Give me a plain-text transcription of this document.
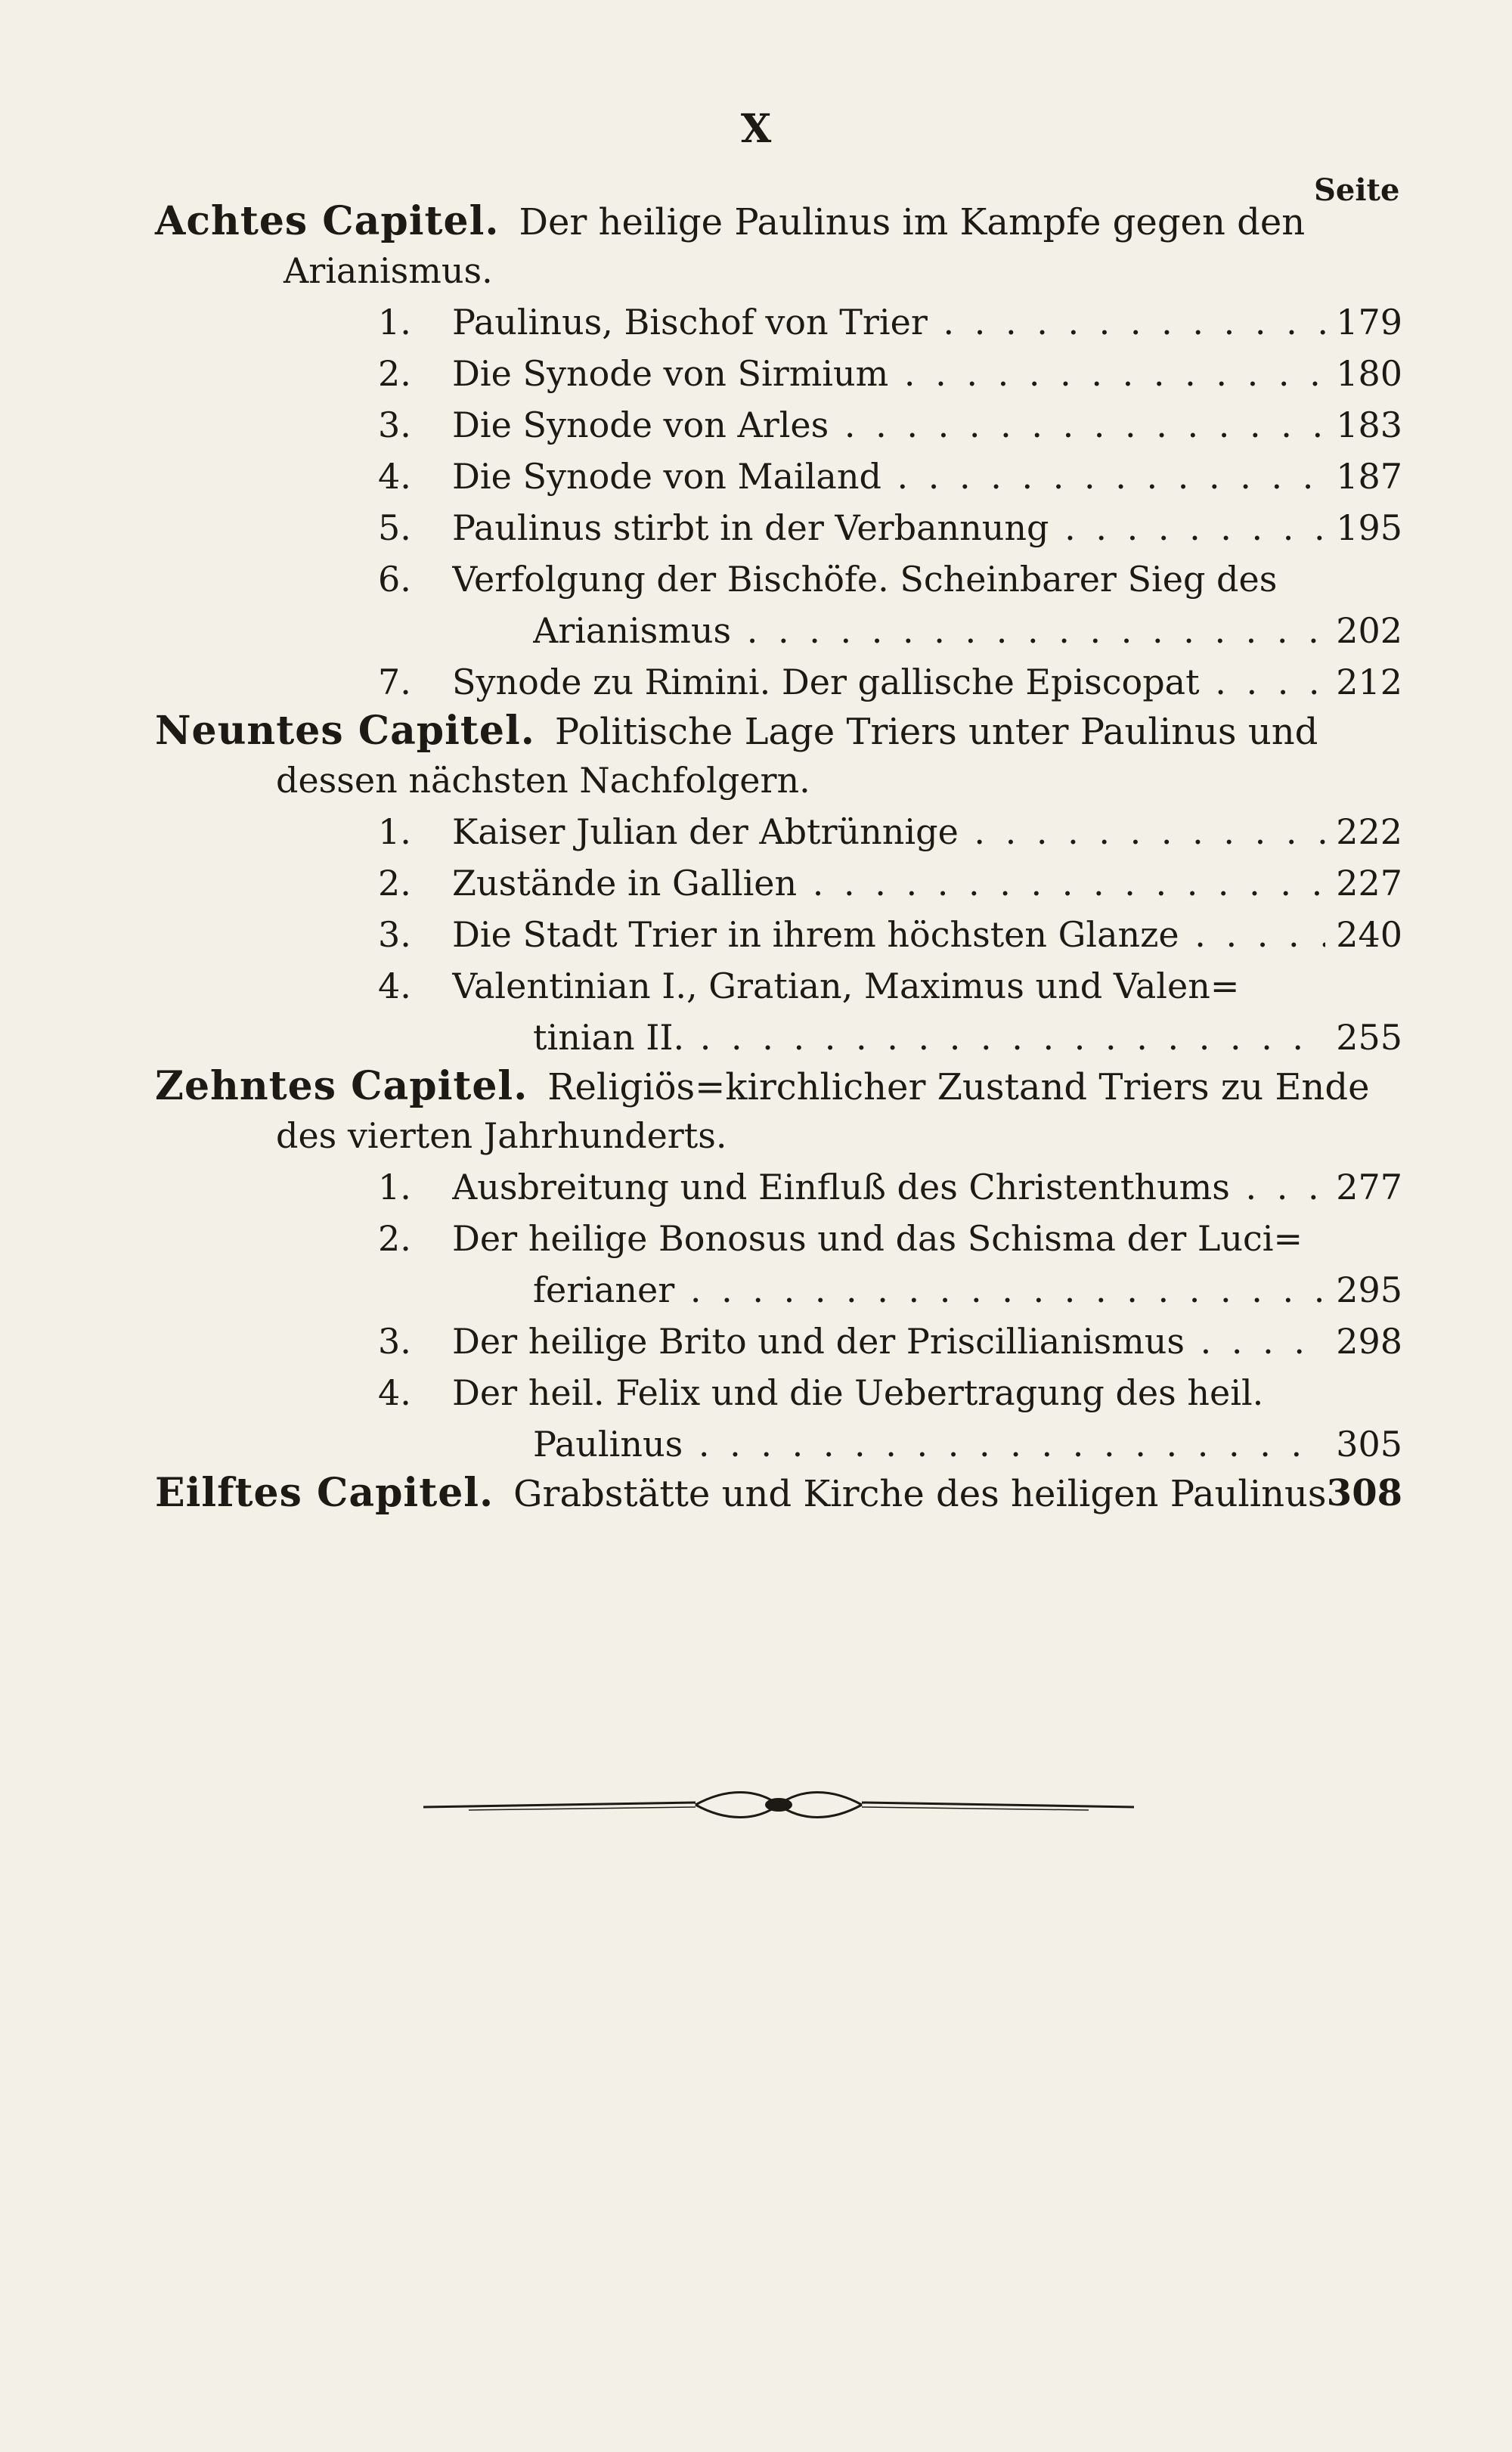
X
Seite
Achtes Capitel. Der heilige Paulinus im Kampfe gegen den
Arianismus.
1. Paulinus, Bischof von Trier . . .	179
2. Die Synode von Sirmium . . .	180
3. Die Synode von Arles . . .	183
4. Die Synode von Mailand . . .	187
5. Paulinus stirbt in der Verbannung . . .	195
6. Verfolgung der Bischöfe. Scheinbarer Sieg des
Arianismus . . .	202
7. Synode zu Rimini. Der gallische Episcopat . . .	212
Neuntes Capitel. Politische Lage Triers unter Paulinus und
dessen nächsten Nachfolgern.
1. Kaiser Julian der Abtrünnige . . .	222
2. Zustände in Gallien . . .	227
3. Die Stadt Trier in ihrem höchsten Glanze . . .	240
4. Valentinian I., Gratian, Maximus und Valen=
tinian II. . . .	255
Zehntes Capitel. Religiös=kirchlicher Zustand Triers zu Ende
des vierten Jahrhunderts.
1. Ausbreitung und Einfluß des Christenthums . . .	277
2. Der heilige Bonosus und das Schisma der Luci=
ferianer . . .	295
3. Der heilige Brito und der Priscillianismus . . .	298
4. Der heil. Felix und die Uebertragung des heil.
Paulinus . . .	305
Eilftes Capitel. Grabstätte und Kirche des heiligen Paulinus 308
